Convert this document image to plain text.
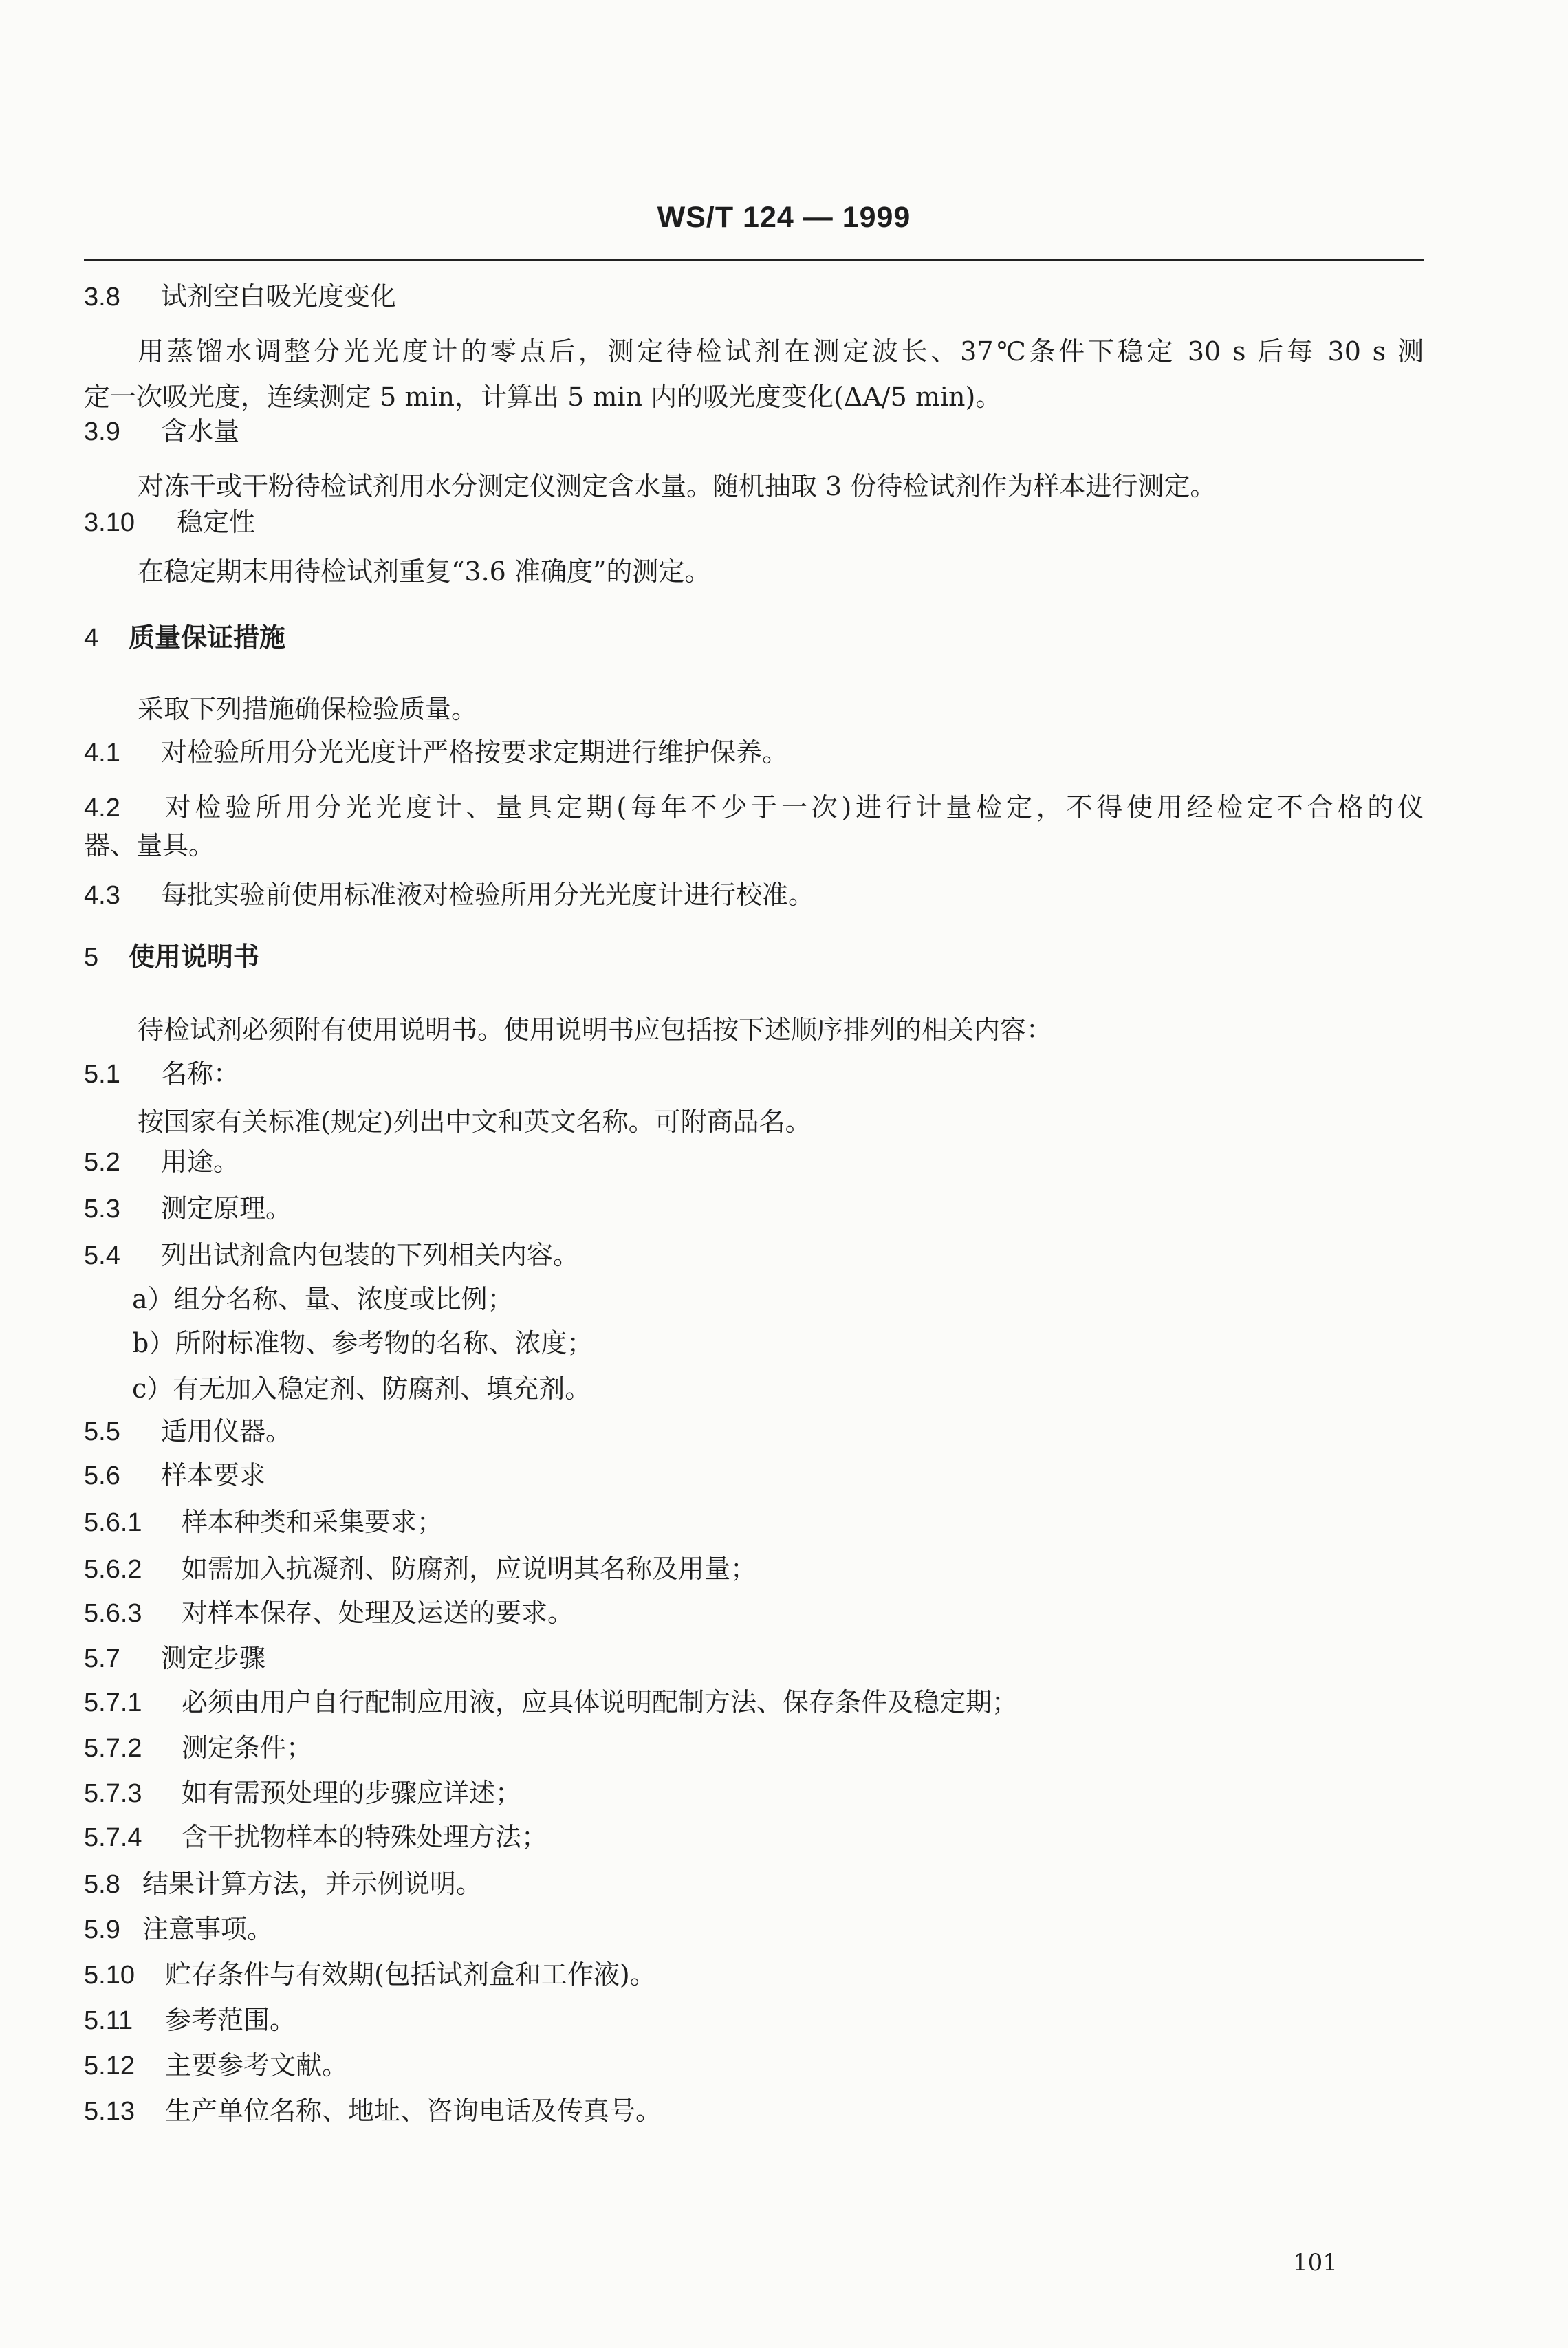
WS/T 124 — 1999
3.8 试剂空白吸光度变化
用蒸馏水调整分光光度计的零点后，测定待检试剂在测定波长、37℃条件下稳定 30 s 后每 30 s 测
定一次吸光度，连续测定 5 min，计算出 5 min 内的吸光度变化(ΔA/5 min)。
3.9 含水量
对冻干或干粉待检试剂用水分测定仪测定含水量。随机抽取 3 份待检试剂作为样本进行测定。
3.10 稳定性
在稳定期末用待检试剂重复“3.6 准确度”的测定。
4 质量保证措施
采取下列措施确保检验质量。
4.1 对检验所用分光光度计严格按要求定期进行维护保养。
4.2 对检验所用分光光度计、量具定期(每年不少于一次)进行计量检定，不得使用经检定不合格的仪
器、量具。
4.3 每批实验前使用标准液对检验所用分光光度计进行校准。
5 使用说明书
待检试剂必须附有使用说明书。使用说明书应包括按下述顺序排列的相关内容：
5.1 名称：
按国家有关标准(规定)列出中文和英文名称。可附商品名。
5.2 用途。
5.3 测定原理。
5.4 列出试剂盒内包装的下列相关内容。
a）组分名称、量、浓度或比例；
b）所附标准物、参考物的名称、浓度；
c）有无加入稳定剂、防腐剂、填充剂。
5.5 适用仪器。
5.6 样本要求
5.6.1 样本种类和采集要求；
5.6.2 如需加入抗凝剂、防腐剂，应说明其名称及用量；
5.6.3 对样本保存、处理及运送的要求。
5.7 测定步骤
5.7.1 必须由用户自行配制应用液，应具体说明配制方法、保存条件及稳定期；
5.7.2 测定条件；
5.7.3 如有需预处理的步骤应详述；
5.7.4 含干扰物样本的特殊处理方法；
5.8 结果计算方法，并示例说明。
5.9 注意事项。
5.10 贮存条件与有效期(包括试剂盒和工作液)。
5.11 参考范围。
5.12 主要参考文献。
5.13 生产单位名称、地址、咨询电话及传真号。
101
